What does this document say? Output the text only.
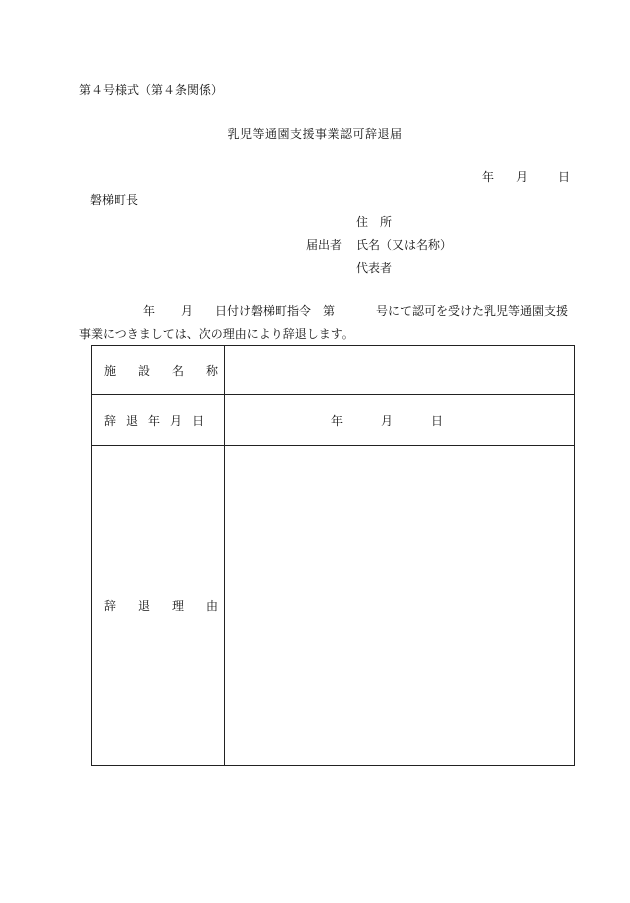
第４号様式（第４条関係）
乳児等通園支援事業認可辞退届
年 月	日
磐梯町長
住　所
届出者 氏名（又は名称）
代表者
年 月 日付け磐梯町指令　第	号にて認可を受けた乳児等通園支援
事業につきましては、次の理由により辞退します。
施 設 名 称	
辞 退 年 月 日	年 月 日
辞 退 理 由	
